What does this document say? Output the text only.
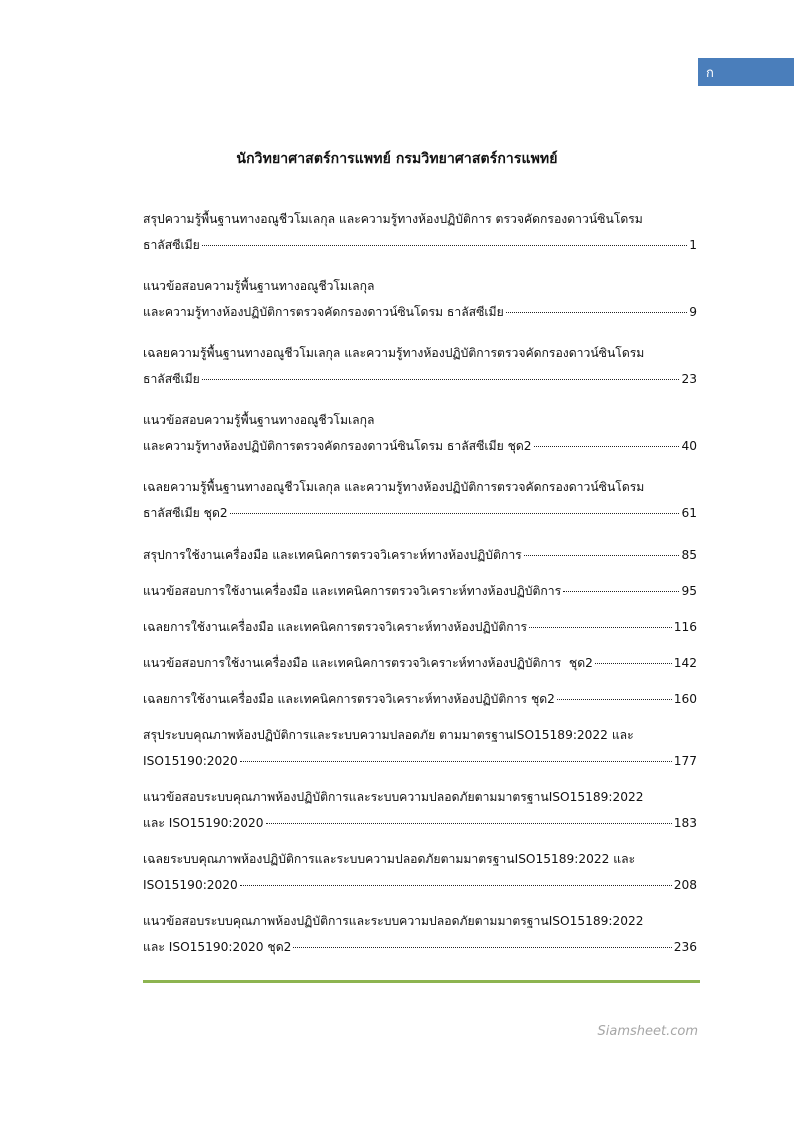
ก
นักวิทยาศาสตร์การแพทย์ กรมวิทยาศาสตร์การแพทย์
สรุปความรู้พื้นฐานทางอณูชีวโมเลกุล และความรู้ทางห้องปฏิบัติการ ตรวจคัดกรองดาวน์ซินโดรม
ธาลัสซีเมีย	1
แนวข้อสอบความรู้พื้นฐานทางอณูชีวโมเลกุล
และความรู้ทางห้องปฏิบัติการตรวจคัดกรองดาวน์ซินโดรม ธาลัสซีเมีย	9
เฉลยความรู้พื้นฐานทางอณูชีวโมเลกุล และความรู้ทางห้องปฏิบัติการตรวจคัดกรองดาวน์ซินโดรม
ธาลัสซีเมีย	23
แนวข้อสอบความรู้พื้นฐานทางอณูชีวโมเลกุล
และความรู้ทางห้องปฏิบัติการตรวจคัดกรองดาวน์ซินโดรม ธาลัสซีเมีย ชุด2	40
เฉลยความรู้พื้นฐานทางอณูชีวโมเลกุล และความรู้ทางห้องปฏิบัติการตรวจคัดกรองดาวน์ซินโดรม
ธาลัสซีเมีย ชุด2	61
สรุปการใช้งานเครื่องมือ และเทคนิคการตรวจวิเคราะห์ทางห้องปฏิบัติการ	85
แนวข้อสอบการใช้งานเครื่องมือ และเทคนิคการตรวจวิเคราะห์ทางห้องปฏิบัติการ	95
เฉลยการใช้งานเครื่องมือ และเทคนิคการตรวจวิเคราะห์ทางห้องปฏิบัติการ	116
แนวข้อสอบการใช้งานเครื่องมือ และเทคนิคการตรวจวิเคราะห์ทางห้องปฏิบัติการ  ชุด2	142
เฉลยการใช้งานเครื่องมือ และเทคนิคการตรวจวิเคราะห์ทางห้องปฏิบัติการ ชุด2	160
สรุประบบคุณภาพห้องปฏิบัติการและระบบความปลอดภัย ตามมาตรฐานISO15189:2022 และ
ISO15190:2020	177
แนวข้อสอบระบบคุณภาพห้องปฏิบัติการและระบบความปลอดภัยตามมาตรฐานISO15189:2022
และ ISO15190:2020	183
เฉลยระบบคุณภาพห้องปฏิบัติการและระบบความปลอดภัยตามมาตรฐานISO15189:2022 และ
ISO15190:2020	208
แนวข้อสอบระบบคุณภาพห้องปฏิบัติการและระบบความปลอดภัยตามมาตรฐานISO15189:2022
และ ISO15190:2020 ชุด2	236
Siamsheet.com
